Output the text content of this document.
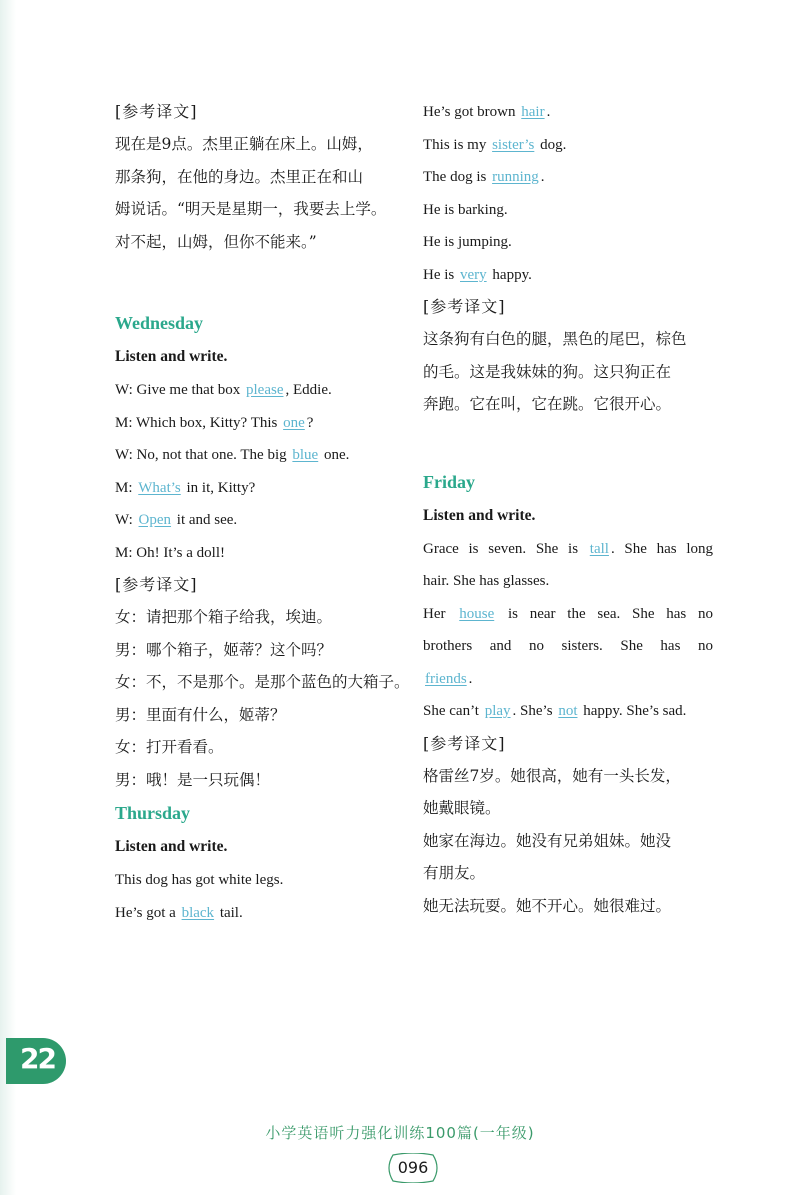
[参考译文]
现在是9点。杰里正躺在床上。山姆，
那条狗，在他的身边。杰里正在和山
姆说话。“明天是星期一，我要去上学。
对不起，山姆，但你不能来。”
Wednesday
Listen and write.
W: Give me that box please , Eddie.
M: Which box, Kitty? This one ?
W: No, not that one. The big blue one.
M: What’s in it, Kitty?
W: Open it and see.
M: Oh! It’s a doll!
[参考译文]
女：请把那个箱子给我，埃迪。
男：哪个箱子，姬蒂？这个吗？
女：不，不是那个。是那个蓝色的大箱子。
男：里面有什么，姬蒂？
女：打开看看。
男：哦！是一只玩偶！
Thursday
Listen and write.
This dog has got white legs.
He’s got a black tail.
He’s got brown hair .
This is my sister’s dog.
The dog is running .
He is barking.
He is jumping.
He is very happy.
[参考译文]
这条狗有白色的腿，黑色的尾巴，棕色
的毛。这是我妹妹的狗。这只狗正在
奔跑。它在叫，它在跳。它很开心。
Friday
Listen and write.
Grace is seven. She is tall . She has long
hair. She has glasses.
Her house is near the sea. She has no
brothers and no sisters. She has no
friends .
She can’t play . She’s not happy. She’s sad.
[参考译文]
格雷丝7岁。她很高，她有一头长发，
她戴眼镜。
她家在海边。她没有兄弟姐妹。她没
有朋友。
她无法玩耍。她不开心。她很难过。
22
小学英语听力强化训练100篇(一年级)
096
